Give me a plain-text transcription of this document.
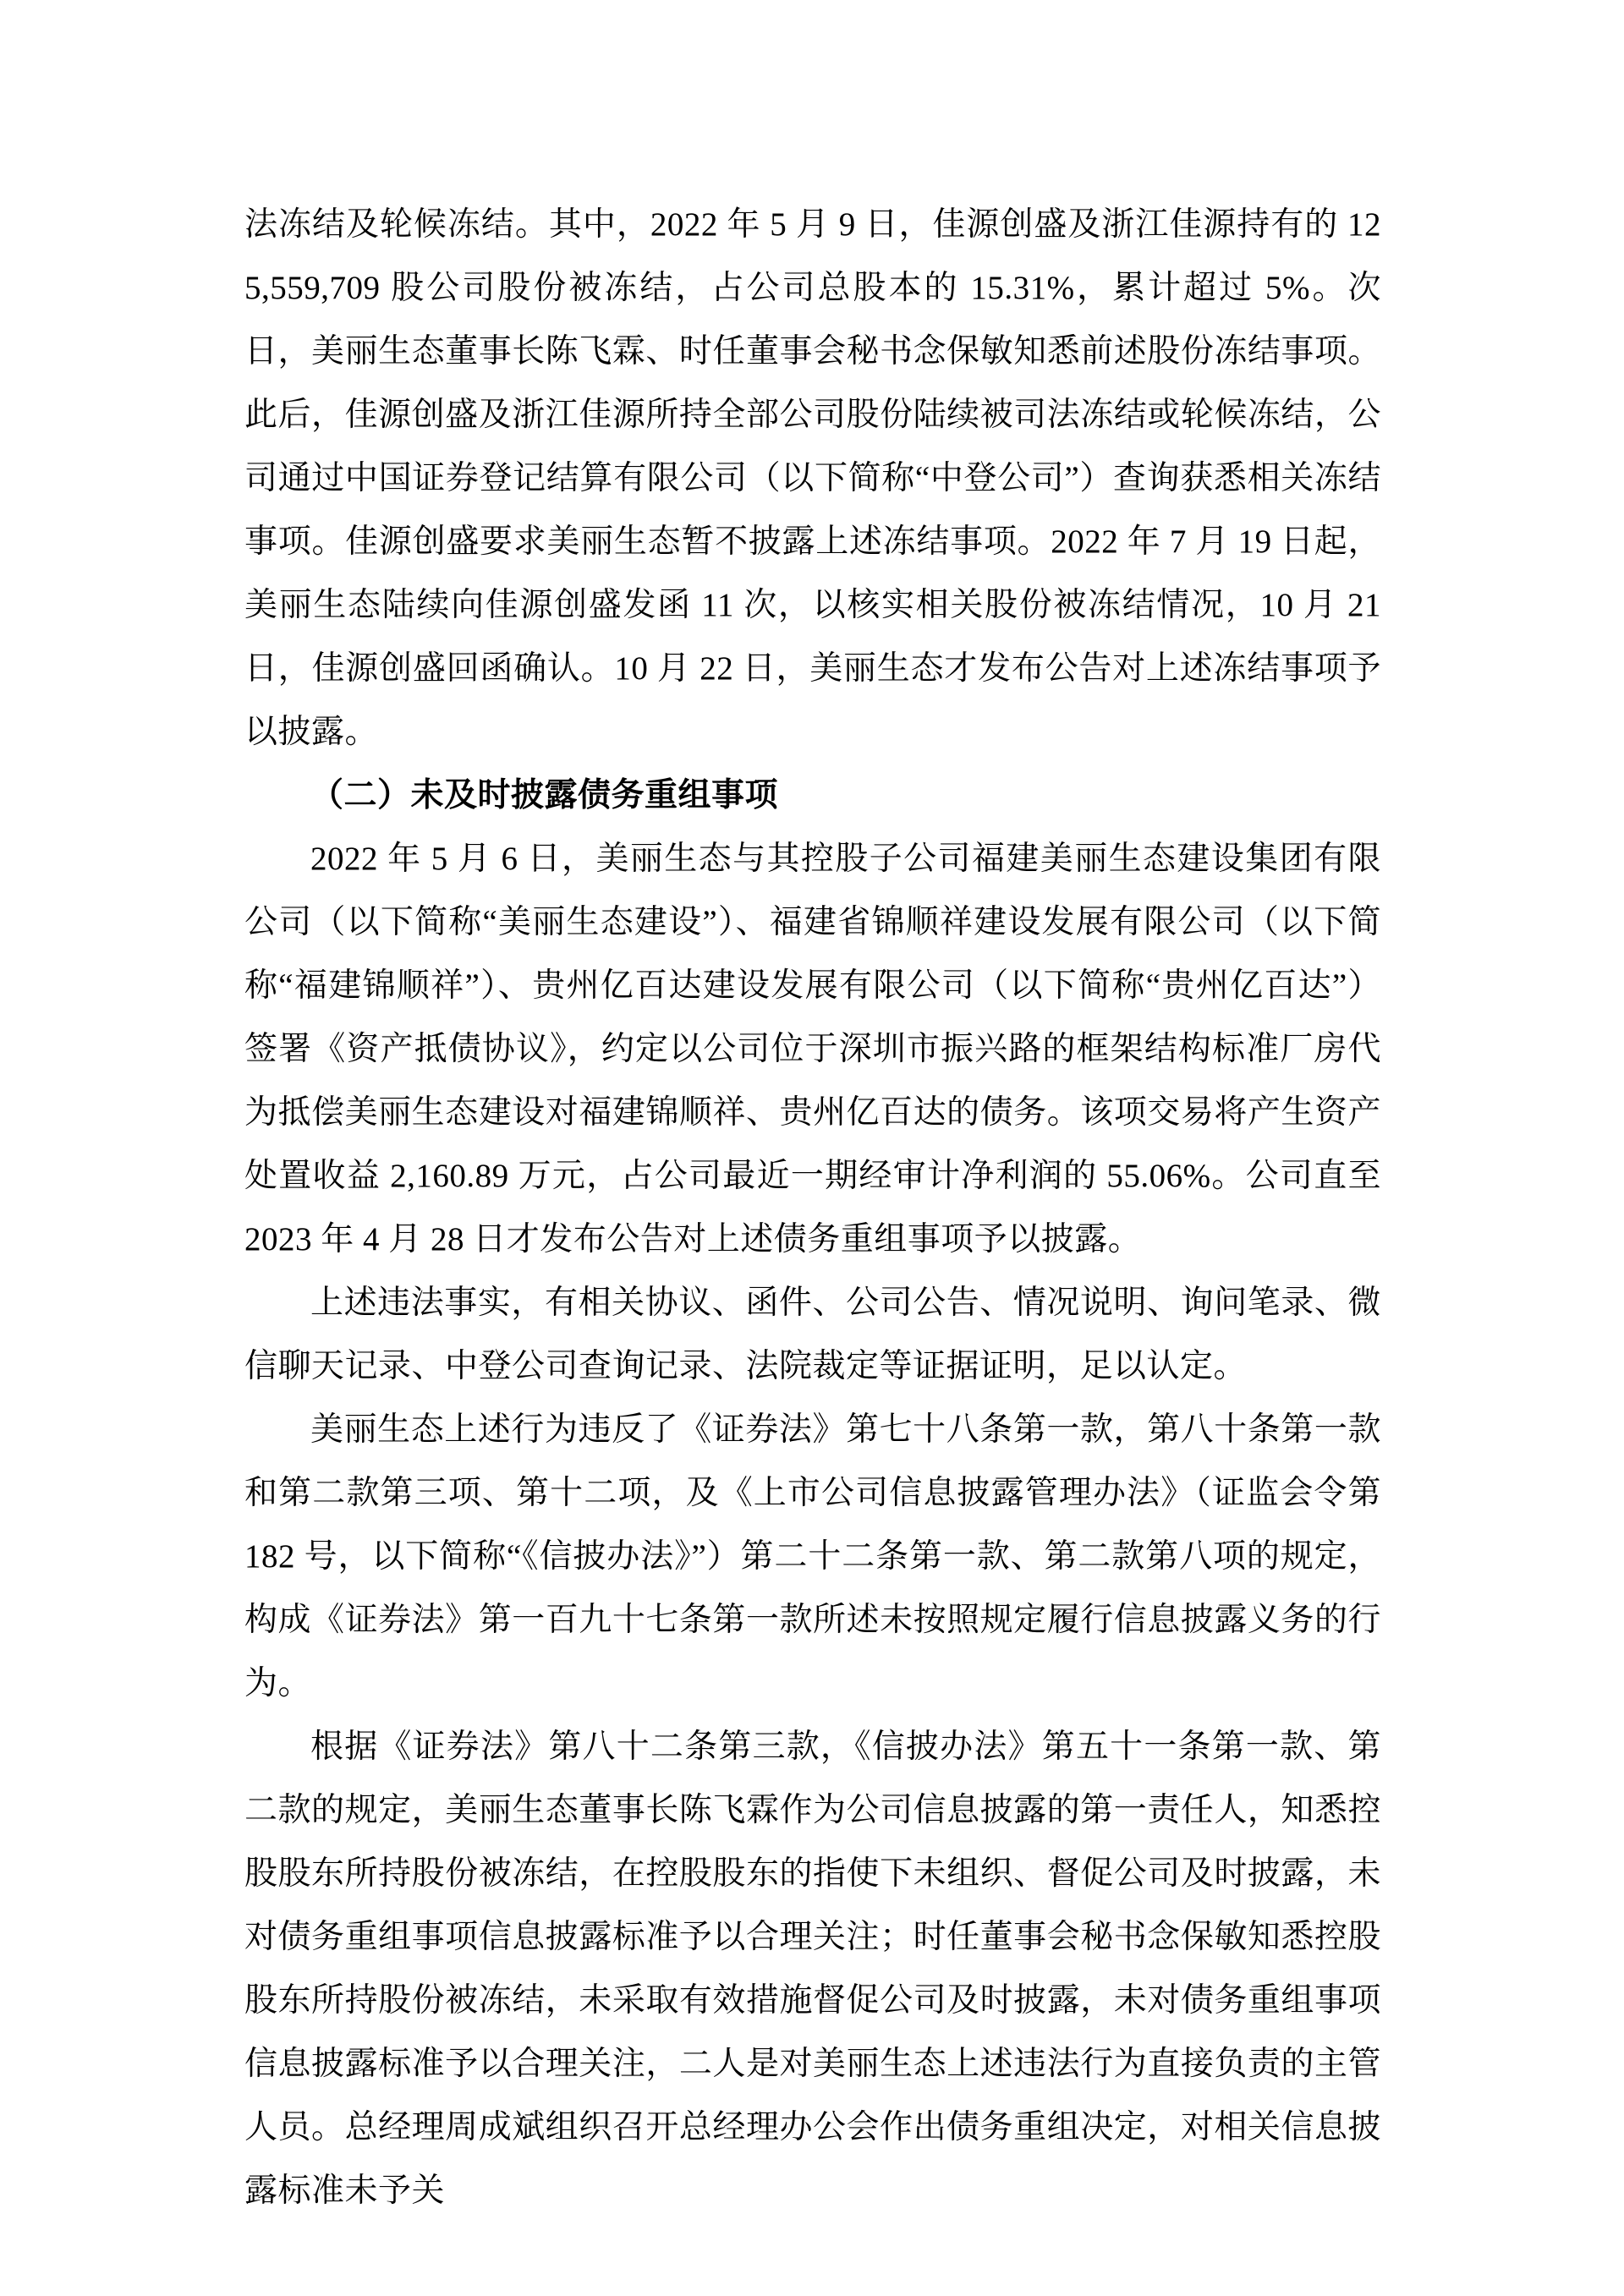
法冻结及轮候冻结。其中，2022 年 5 月 9 日，佳源创盛及浙江佳源持有的 125,559,709 股公司股份被冻结，占公司总股本的 15.31%，累计超过 5%。次日，美丽生态董事长陈飞霖、时任董事会秘书念保敏知悉前述股份冻结事项。此后，佳源创盛及浙江佳源所持全部公司股份陆续被司法冻结或轮候冻结，公司通过中国证券登记结算有限公司（以下简称“中登公司”）查询获悉相关冻结事项。佳源创盛要求美丽生态暂不披露上述冻结事项。2022 年 7 月 19 日起，美丽生态陆续向佳源创盛发函 11 次，以核实相关股份被冻结情况，10 月 21 日，佳源创盛回函确认。10 月 22 日，美丽生态才发布公告对上述冻结事项予以披露。

（二）未及时披露债务重组事项

2022 年 5 月 6 日，美丽生态与其控股子公司福建美丽生态建设集团有限公司（以下简称“美丽生态建设”）、福建省锦顺祥建设发展有限公司（以下简称“福建锦顺祥”）、贵州亿百达建设发展有限公司（以下简称“贵州亿百达”）签署《资产抵债协议》，约定以公司位于深圳市振兴路的框架结构标准厂房代为抵偿美丽生态建设对福建锦顺祥、贵州亿百达的债务。该项交易将产生资产处置收益 2,160.89 万元，占公司最近一期经审计净利润的 55.06%。公司直至 2023 年 4 月 28 日才发布公告对上述债务重组事项予以披露。

上述违法事实，有相关协议、函件、公司公告、情况说明、询问笔录、微信聊天记录、中登公司查询记录、法院裁定等证据证明，足以认定。

美丽生态上述行为违反了《证券法》第七十八条第一款，第八十条第一款和第二款第三项、第十二项，及《上市公司信息披露管理办法》（证监会令第 182 号，以下简称“《信披办法》”）第二十二条第一款、第二款第八项的规定，构成《证券法》第一百九十七条第一款所述未按照规定履行信息披露义务的行为。

根据《证券法》第八十二条第三款，《信披办法》第五十一条第一款、第二款的规定，美丽生态董事长陈飞霖作为公司信息披露的第一责任人，知悉控股股东所持股份被冻结，在控股股东的指使下未组织、督促公司及时披露，未对债务重组事项信息披露标准予以合理关注；时任董事会秘书念保敏知悉控股股东所持股份被冻结，未采取有效措施督促公司及时披露，未对债务重组事项信息披露标准予以合理关注，二人是对美丽生态上述违法行为直接负责的主管人员。总经理周成斌组织召开总经理办公会作出债务重组决定，对相关信息披露标准未予关
